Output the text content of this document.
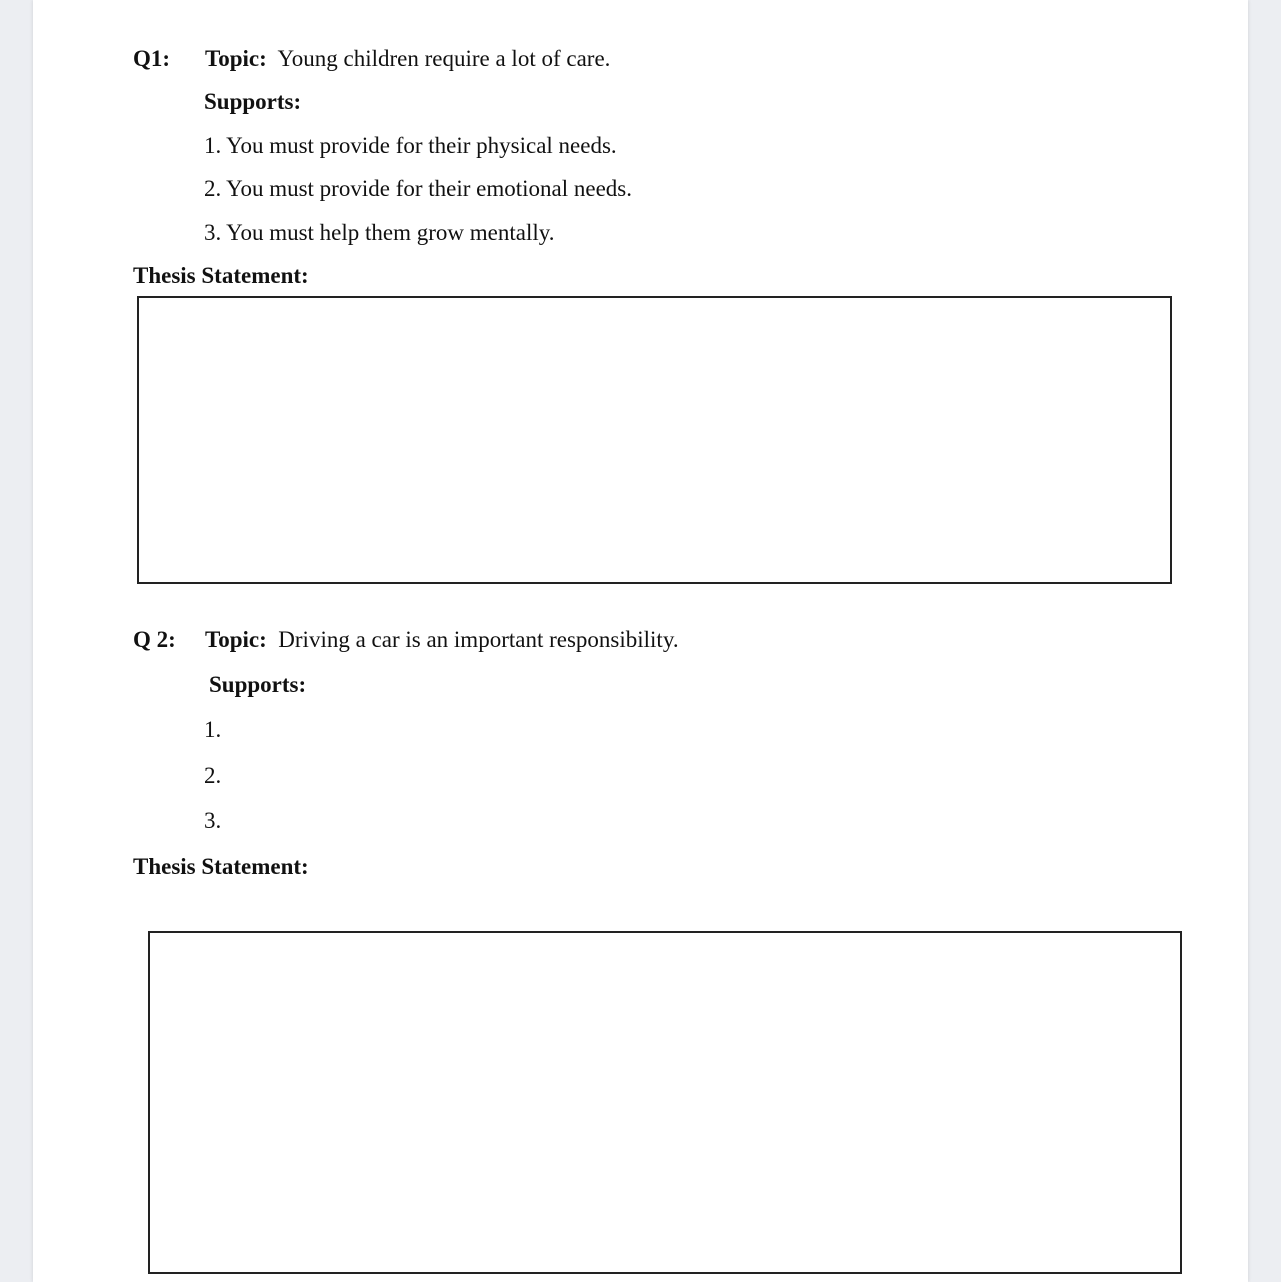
Q1: Topic: Young children require a lot of care.
Supports:
1. You must provide for their physical needs.
2. You must provide for their emotional needs.
3. You must help them grow mentally.
Thesis Statement:
Q 2: Topic: Driving a car is an important responsibility.
Supports:
1.
2.
3.
Thesis Statement:
